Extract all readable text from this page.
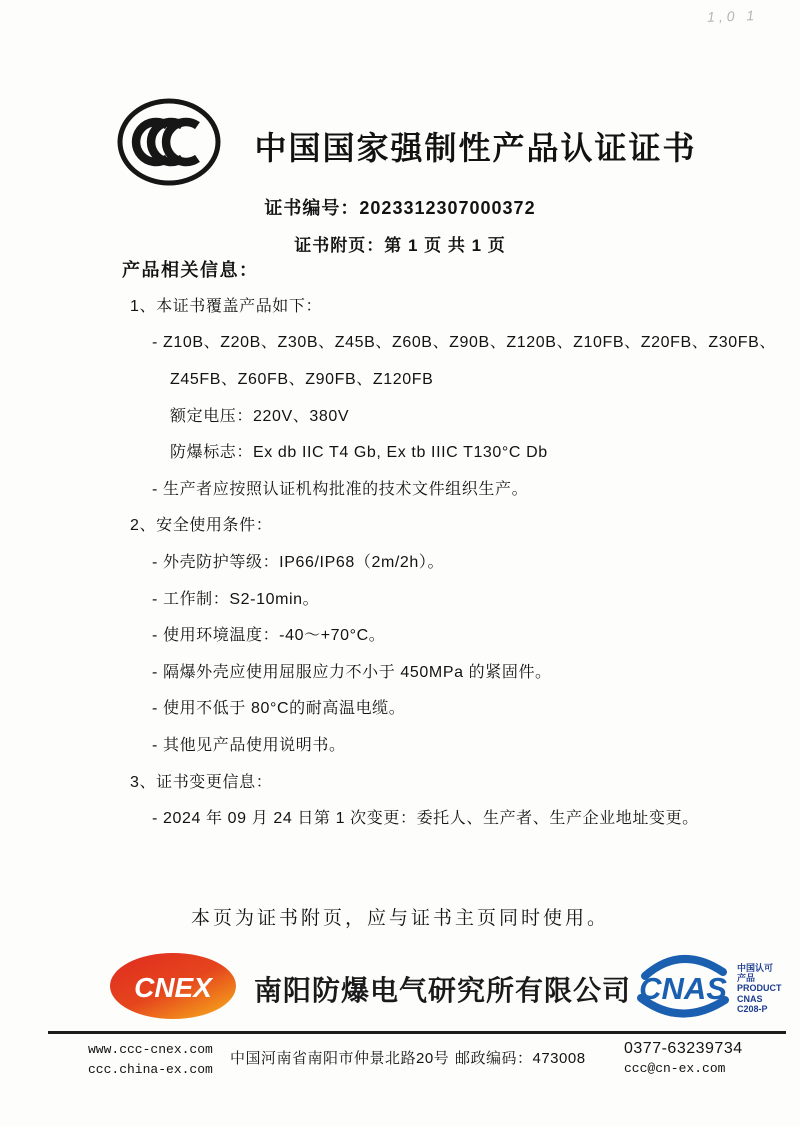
1,0 1
中国国家强制性产品认证证书
证书编号：2023312307000372
证书附页：第 1 页 共 1 页
产品相关信息：
1、本证书覆盖产品如下：
- Z10B、Z20B、Z30B、Z45B、Z60B、Z90B、Z120B、Z10FB、Z20FB、Z30FB、
Z45FB、Z60FB、Z90FB、Z120FB
额定电压：220V、380V
防爆标志：Ex db IIC T4 Gb, Ex tb IIIC T130°C Db
- 生产者应按照认证机构批准的技术文件组织生产。
2、安全使用条件：
- 外壳防护等级：IP66/IP68（2m/2h）。
- 工作制：S2-10min。
- 使用环境温度：-40～+70°C。
- 隔爆外壳应使用屈服应力不小于 450MPa 的紧固件。
- 使用不低于 80°C的耐高温电缆。
- 其他见产品使用说明书。
3、证书变更信息：
- 2024 年 09 月 24 日第 1 次变更：委托人、生产者、生产企业地址变更。
本页为证书附页，应与证书主页同时使用。
CNEX 南阳防爆电气研究所有限公司 CNAS
中国认可
产品
PRODUCT
CNAS C208-P
www.ccc-cnex.com
ccc.china-ex.com
中国河南省南阳市仲景北路20号 邮政编码：473008
0377-63239734
ccc@cn-ex.com
